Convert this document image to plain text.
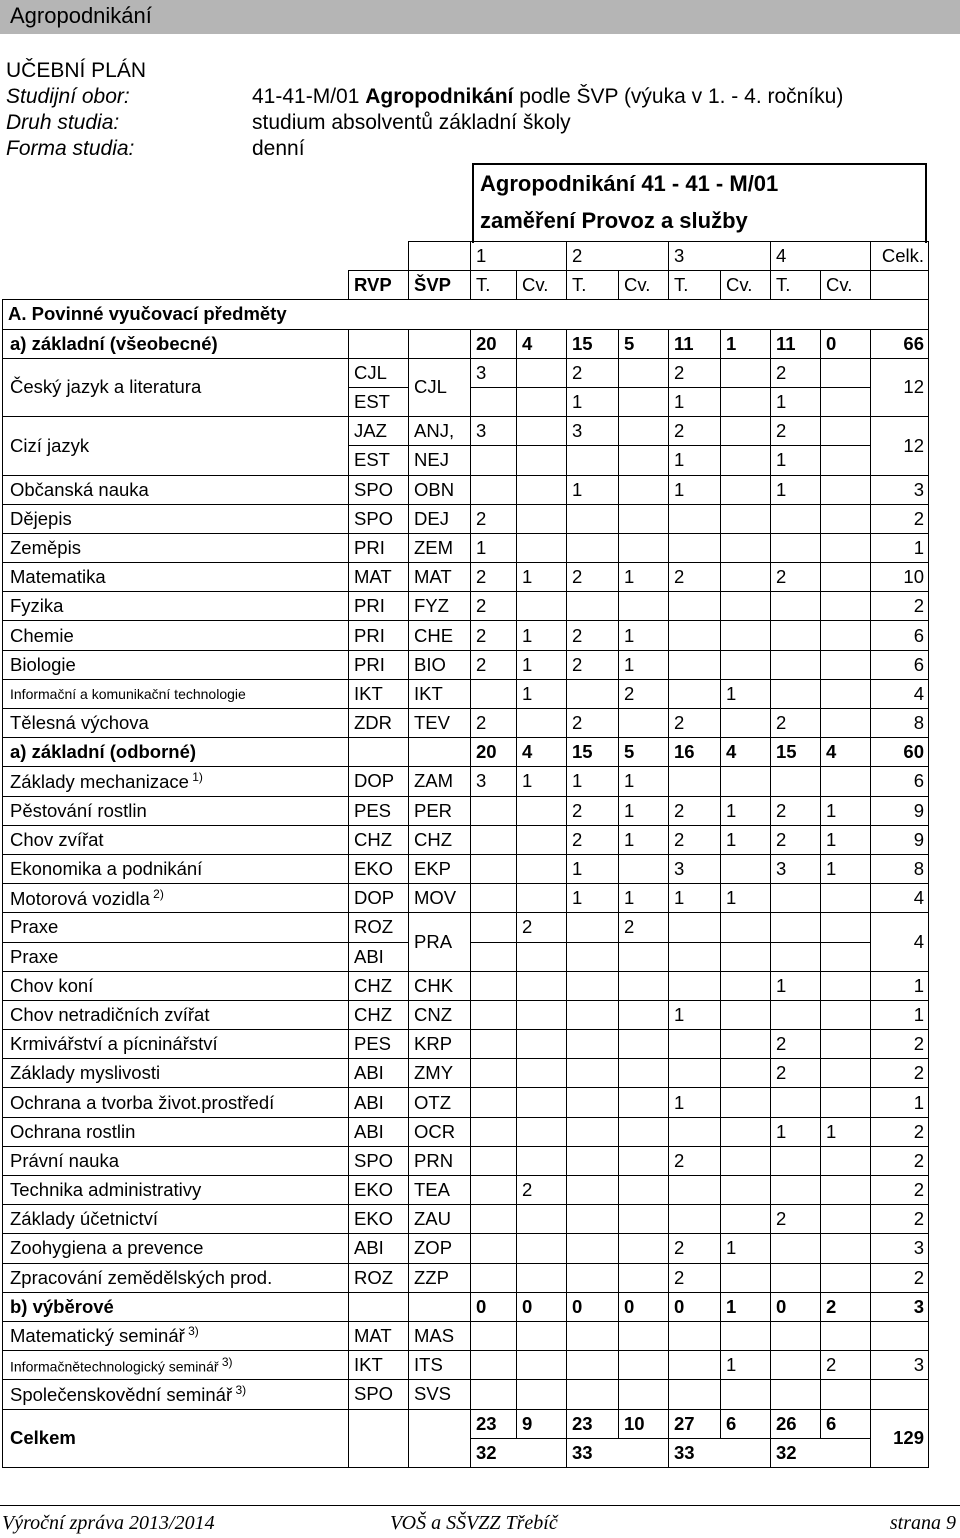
Agropodnikání
UČEBNÍ PLÁN
Studijní obor:	41-41-M/01 Agropodnikání podle ŠVP (výuka v 1. - 4. ročníku)
Druh studia:	studium absolventů základní školy
Forma studia:	denní
Agropodnikání 41 - 41 - M/01
zaměření Provoz a služby
			1		2		3		4		Celk.
	RVP	ŠVP	T.	Cv.	T.	Cv.	T.	Cv.	T.	Cv.	
A. Povinné vyučovací předměty											
a) základní (všeobecné)			20	4	15	5	11	1	11	0	66
Český jazyk a literatura	CJL	CJL	3		2		2		2		12
	EST				1		1		1		
Cizí jazyk	JAZ	ANJ,	3		3		2		2		12
	EST	NEJ					1		1		
Občanská nauka	SPO	OBN			1		1		1		3
Dějepis	SPO	DEJ	2								2
Zeměpis	PRI	ZEM	1								1
Matematika	MAT	MAT	2	1	2	1	2		2		10
Fyzika	PRI	FYZ	2								2
Chemie	PRI	CHE	2	1	2	1					6
Biologie	PRI	BIO	2	1	2	1					6
Informační a komunikační technologie	IKT	IKT		1		2		1			4
Tělesná výchova	ZDR	TEV	2		2		2		2		8
a) základní (odborné)			20	4	15	5	16	4	15	4	60
Základy mechanizace $^{1)}$	DOP	ZAM	3	1	1	1					6
Pěstování rostlin	PES	PER			2	1	2	1	2	1	9
Chov zvířat	CHZ	CHZ			2	1	2	1	2	1	9
Ekonomika a podnikání	EKO	EKP			1		3		3	1	8
Motorová vozidla $^{2)}$	DOP	MOV			1	1	1	1			4
Praxe	ROZ	PRA		2		2					4
Praxe	ABI										
Chov koní	CHZ	CHK							1		1
Chov netradičních zvířat	CHZ	CNZ					1				1
Krmivářství a pícninářství	PES	KRP							2		2
Základy myslivosti	ABI	ZMY							2		2
Ochrana a tvorba život.prostředí	ABI	OTZ					1				1
Ochrana rostlin	ABI	OCR							1	1	2
Právní nauka	SPO	PRN					2				2
Technika administrativy	EKO	TEA		2							2
Základy účetnictví	EKO	ZAU							2		2
Zoohygiena a prevence	ABI	ZOP					2	1			3
Zpracování zemědělských prod.	ROZ	ZZP					2				2
b) výběrové			0	0	0	0	0	1	0	2	3
Matematický seminář $^{3)}$	MAT	MAS									
Informačnětechnologický seminář $^{3)}$	IKT	ITS						1		2	3
Společenskovědní seminář $^{3)}$	SPO	SVS									
Celkem			23	9	23	10	27	6	26	6	129
			32		33		33		32		
Výroční zpráva 2013/2014	VOŠ a SŠVZZ Třebíč	strana 9
